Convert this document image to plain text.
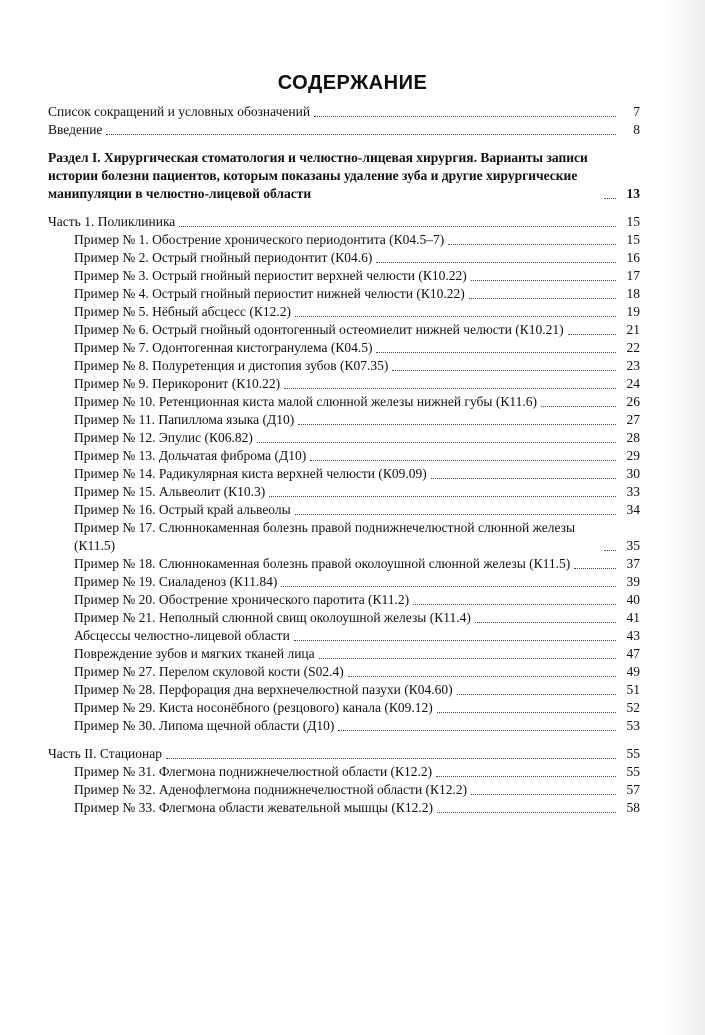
СОДЕРЖАНИЕ
Список сокращений и условных обозначений	7
Введение	8
Раздел I. Хирургическая стоматология и челюстно-лицевая хирургия. Варианты записи истории болезни пациентов, которым показаны удаление зуба и другие хирургические манипуляции в челюстно-лицевой области	13
Часть 1. Поликлиника	15
Пример № 1. Обострение хронического периодонтита (К04.5–7)	15
Пример № 2. Острый гнойный периодонтит (К04.6)	16
Пример № 3. Острый гнойный периостит верхней челюсти (К10.22)	17
Пример № 4. Острый гнойный периостит нижней челюсти (К10.22)	18
Пример № 5. Нёбный абсцесс (К12.2)	19
Пример № 6. Острый гнойный одонтогенный остеомиелит нижней челюсти (К10.21)	21
Пример № 7. Одонтогенная кистогранулема (К04.5)	22
Пример № 8. Полуретенция и дистопия зубов (К07.35)	23
Пример № 9. Перикоронит (К10.22)	24
Пример № 10. Ретенционная киста малой слюнной железы нижней губы (К11.6)	26
Пример № 11. Папиллома языка (Д10)	27
Пример № 12. Эпулис (К06.82)	28
Пример № 13. Дольчатая фиброма (Д10)	29
Пример № 14. Радикулярная киста верхней челюсти (К09.09)	30
Пример № 15. Альвеолит (К10.3)	33
Пример № 16. Острый край альвеолы	34
Пример № 17. Слюннокаменная болезнь правой поднижнечелюстной слюнной железы (К11.5)	35
Пример № 18. Слюннокаменная болезнь правой околоушной слюнной железы (К11.5)	37
Пример № 19. Сиаладеноз (К11.84)	39
Пример № 20. Обострение хронического паротита (К11.2)	40
Пример № 21. Неполный слюнной свищ околоушной железы (К11.4)	41
Абсцессы челюстно-лицевой области	43
Повреждение зубов и мягких тканей лица	47
Пример № 27. Перелом скуловой кости (S02.4)	49
Пример № 28. Перфорация дна верхнечелюстной пазухи (К04.60)	51
Пример № 29. Киста носонёбного (резцового) канала (К09.12)	52
Пример № 30. Липома щечной области (Д10)	53
Часть II. Стационар	55
Пример № 31. Флегмона поднижнечелюстной области (К12.2)	55
Пример № 32. Аденофлегмона поднижнечелюстной области (К12.2)	57
Пример № 33. Флегмона области жевательной мышцы (К12.2)	58
